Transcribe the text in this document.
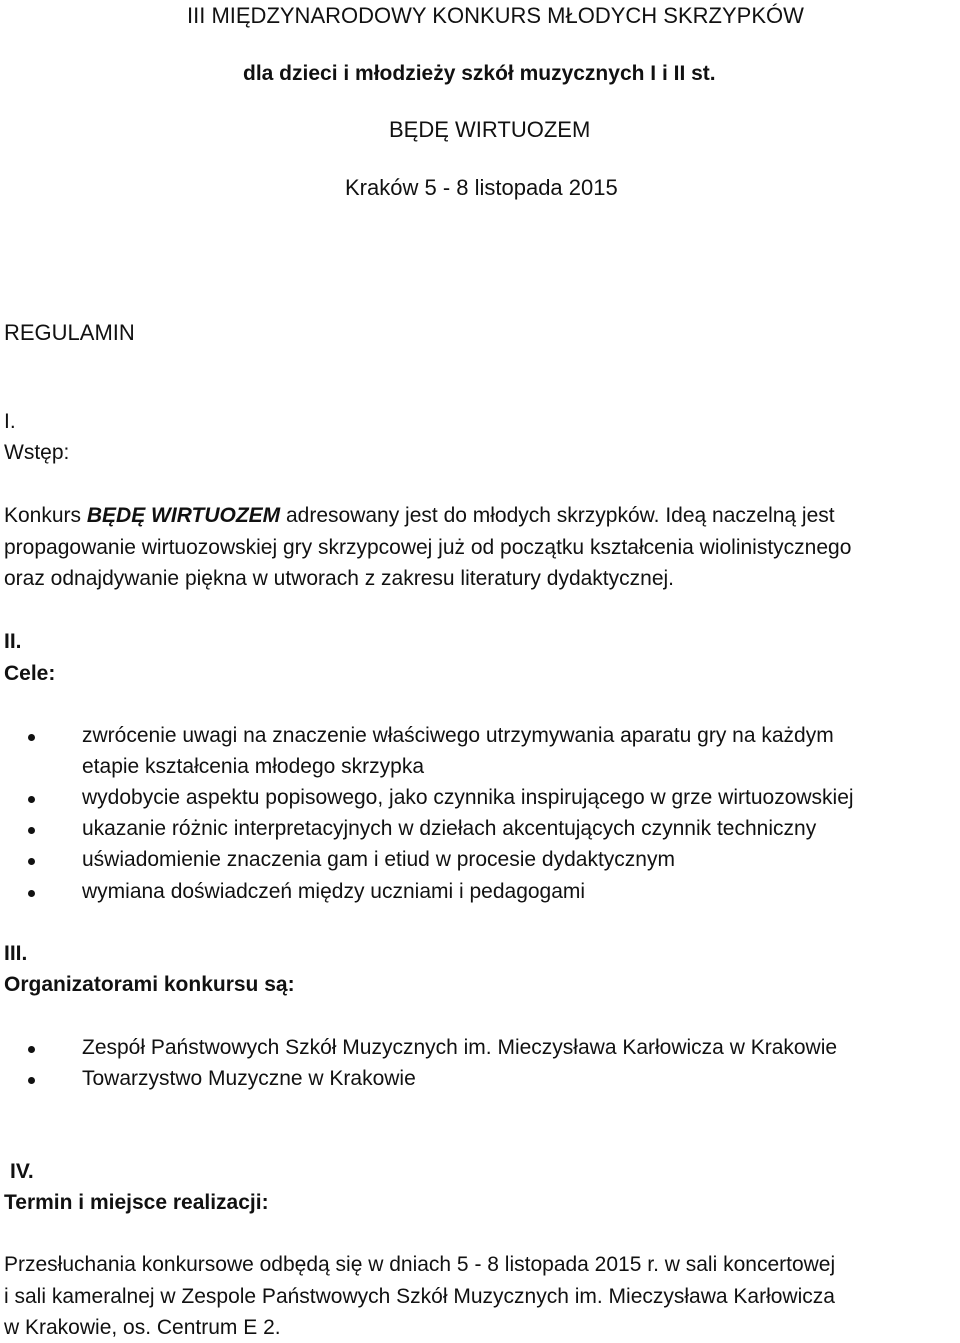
III MIĘDZYNARODOWY KONKURS MŁODYCH SKRZYPKÓW
dla dzieci i młodzieży szkół muzycznych I i II st.
BĘDĘ WIRTUOZEM
Kraków 5 - 8 listopada 2015
REGULAMIN
I.
Wstęp:
Konkurs BĘDĘ WIRTUOZEM adresowany jest do młodych skrzypków. Ideą naczelną jest
propagowanie wirtuozowskiej gry skrzypcowej już od początku kształcenia wiolinistycznego
oraz odnajdywanie piękna w utworach z zakresu literatury dydaktycznej.
II.
Cele:
zwrócenie uwagi na znaczenie właściwego utrzymywania aparatu gry na każdym
etapie kształcenia młodego skrzypka
wydobycie aspektu popisowego, jako czynnika inspirującego w grze wirtuozowskiej
ukazanie różnic interpretacyjnych w dziełach akcentujących czynnik techniczny
uświadomienie znaczenia gam i etiud w procesie dydaktycznym
wymiana doświadczeń między uczniami i pedagogami
III.
Organizatorami konkursu są:
Zespół Państwowych Szkół Muzycznych im. Mieczysława Karłowicza w Krakowie
Towarzystwo Muzyczne w Krakowie
IV.
Termin i miejsce realizacji:
Przesłuchania konkursowe odbędą się w dniach 5 - 8 listopada 2015 r. w sali koncertowej
i sali kameralnej w Zespole Państwowych Szkół Muzycznych im. Mieczysława Karłowicza
w Krakowie, os. Centrum E 2.
